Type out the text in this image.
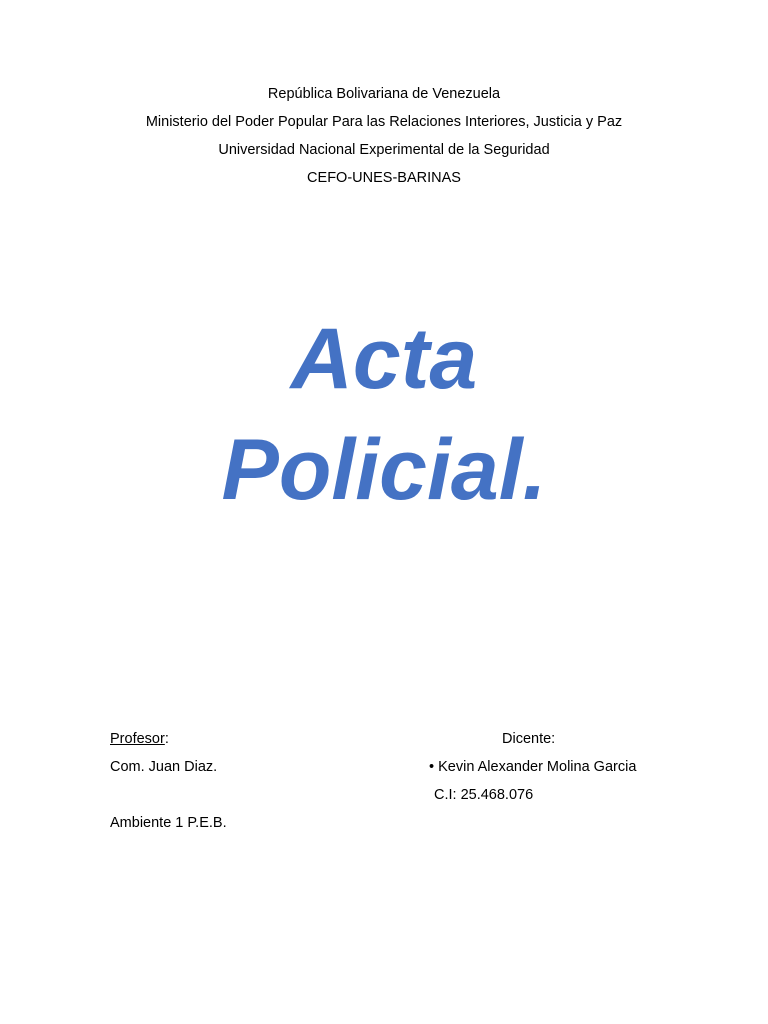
República Bolivariana de Venezuela
Ministerio del Poder Popular Para las Relaciones Interiores, Justicia y Paz
Universidad Nacional Experimental de la Seguridad
CEFO-UNES-BARINAS
Acta
Policial.
Profesor:
Com. Juan Diaz.
Ambiente 1 P.E.B.
Dicente:
• Kevin Alexander Molina Garcia
C.I: 25.468.076
